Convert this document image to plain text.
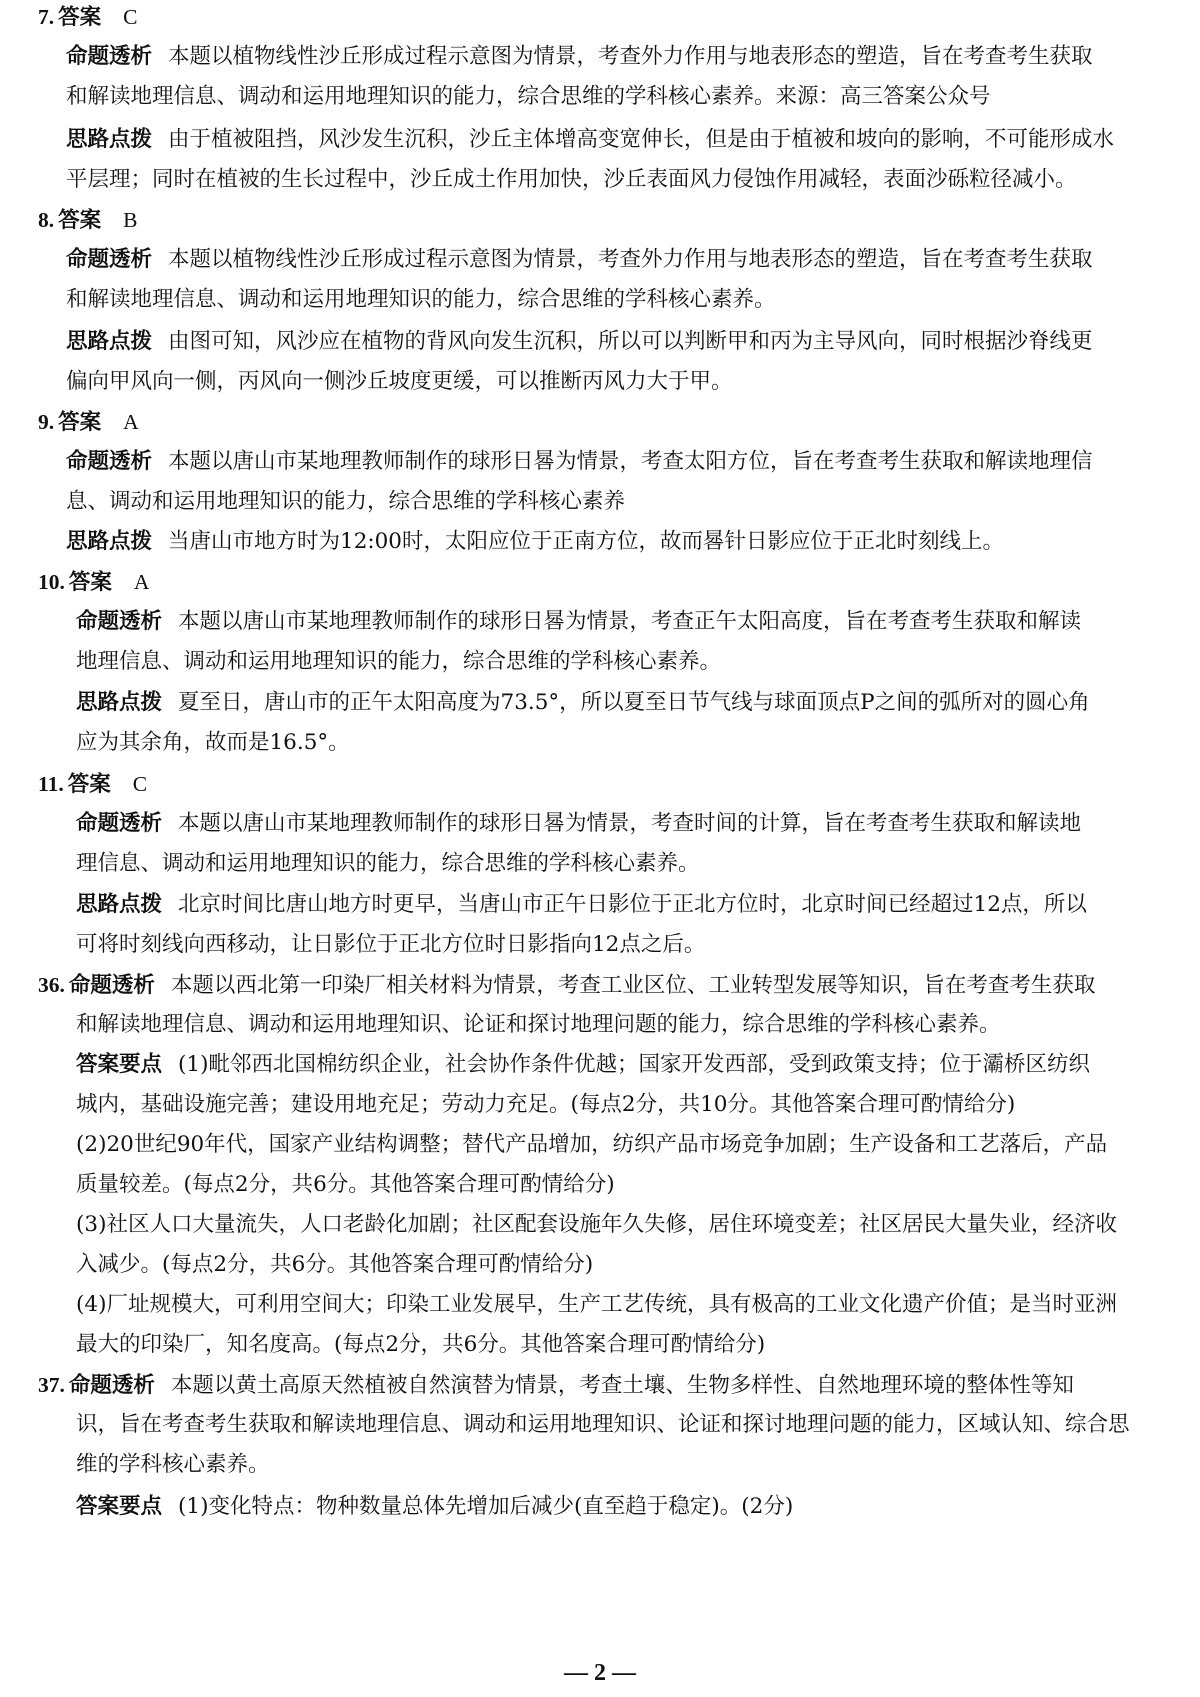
7. 答案 C
命题透析 本题以植物线性沙丘形成过程示意图为情景，考查外力作用与地表形态的塑造，旨在考查考生获取
和解读地理信息、调动和运用地理知识的能力，综合思维的学科核心素养。来源：高三答案公众号
思路点拨 由于植被阻挡，风沙发生沉积，沙丘主体增高变宽伸长，但是由于植被和坡向的影响，不可能形成水
平层理；同时在植被的生长过程中，沙丘成土作用加快，沙丘表面风力侵蚀作用减轻，表面沙砾粒径减小。
8. 答案 B
命题透析 本题以植物线性沙丘形成过程示意图为情景，考查外力作用与地表形态的塑造，旨在考查考生获取
和解读地理信息、调动和运用地理知识的能力，综合思维的学科核心素养。
思路点拨 由图可知，风沙应在植物的背风向发生沉积，所以可以判断甲和丙为主导风向，同时根据沙脊线更
偏向甲风向一侧，丙风向一侧沙丘坡度更缓，可以推断丙风力大于甲。
9. 答案 A
命题透析 本题以唐山市某地理教师制作的球形日晷为情景，考查太阳方位，旨在考查考生获取和解读地理信
息、调动和运用地理知识的能力，综合思维的学科核心素养
思路点拨 当唐山市地方时为12:00时，太阳应位于正南方位，故而晷针日影应位于正北时刻线上。
10. 答案 A
命题透析 本题以唐山市某地理教师制作的球形日晷为情景，考查正午太阳高度，旨在考查考生获取和解读
地理信息、调动和运用地理知识的能力，综合思维的学科核心素养。
思路点拨 夏至日，唐山市的正午太阳高度为73.5°，所以夏至日节气线与球面顶点P之间的弧所对的圆心角
应为其余角，故而是16.5°。
11. 答案 C
命题透析 本题以唐山市某地理教师制作的球形日晷为情景，考查时间的计算，旨在考查考生获取和解读地
理信息、调动和运用地理知识的能力，综合思维的学科核心素养。
思路点拨 北京时间比唐山地方时更早，当唐山市正午日影位于正北方位时，北京时间已经超过12点，所以
可将时刻线向西移动，让日影位于正北方位时日影指向12点之后。
36. 命题透析 本题以西北第一印染厂相关材料为情景，考查工业区位、工业转型发展等知识，旨在考查考生获取
和解读地理信息、调动和运用地理知识、论证和探讨地理问题的能力，综合思维的学科核心素养。
答案要点 (1)毗邻西北国棉纺织企业，社会协作条件优越；国家开发西部，受到政策支持；位于灞桥区纺织
城内，基础设施完善；建设用地充足；劳动力充足。(每点2分，共10分。其他答案合理可酌情给分)
(2)20世纪90年代，国家产业结构调整；替代产品增加，纺织产品市场竞争加剧；生产设备和工艺落后，产品
质量较差。(每点2分，共6分。其他答案合理可酌情给分)
(3)社区人口大量流失，人口老龄化加剧；社区配套设施年久失修，居住环境变差；社区居民大量失业，经济收
入减少。(每点2分，共6分。其他答案合理可酌情给分)
(4)厂址规模大，可利用空间大；印染工业发展早，生产工艺传统，具有极高的工业文化遗产价值；是当时亚洲
最大的印染厂，知名度高。(每点2分，共6分。其他答案合理可酌情给分)
37. 命题透析 本题以黄土高原天然植被自然演替为情景，考查土壤、生物多样性、自然地理环境的整体性等知
识，旨在考查考生获取和解读地理信息、调动和运用地理知识、论证和探讨地理问题的能力，区域认知、综合思
维的学科核心素养。
答案要点 (1)变化特点：物种数量总体先增加后减少(直至趋于稳定)。(2分)
— 2 —
